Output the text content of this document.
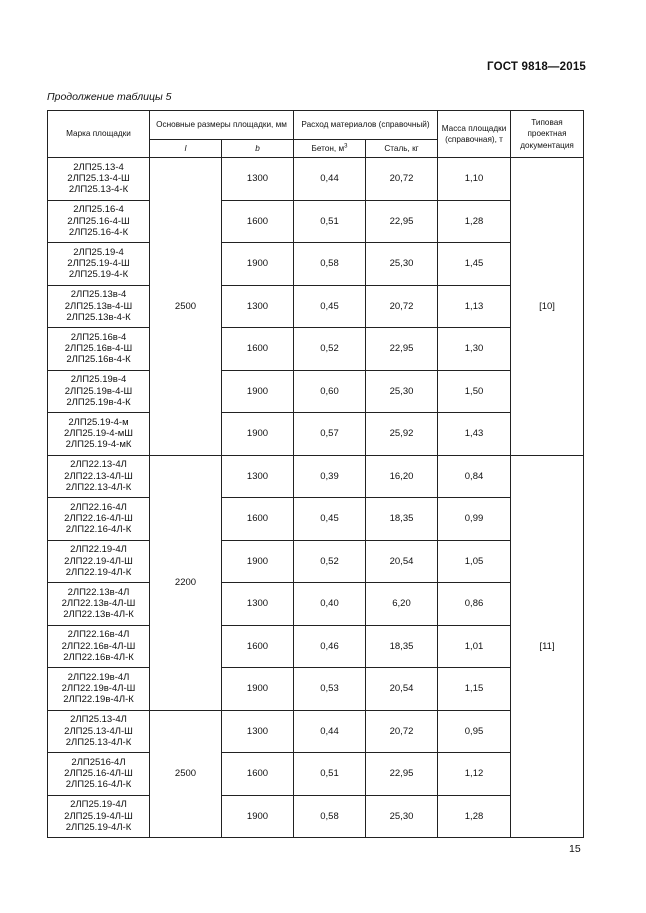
ГОСТ 9818—2015
Продолжение таблицы 5
Марка площадки	Основные размеры площадки, мм		Расход материалов (справочный)		Масса площадки (справочная), т	Типовая проектная документация
	l	b	Бетон, $м^3$	Сталь, кг		

2ЛП25.13-4
2ЛП25.13-4-Ш
2ЛП25.13-4-К	2500	1300	0,44	20,72	1,10	[10]

2ЛП25.16-4
2ЛП25.16-4-Ш
2ЛП25.16-4-К		1600	0,51	22,95	1,28	

2ЛП25.19-4
2ЛП25.19-4-Ш
2ЛП25.19-4-К		1900	0,58	25,30	1,45	

2ЛП25.13в-4
2ЛП25.13в-4-Ш
2ЛП25.13в-4-К		1300	0,45	20,72	1,13	

2ЛП25.16в-4
2ЛП25.16в-4-Ш
2ЛП25.16в-4-К		1600	0,52	22,95	1,30	

2ЛП25.19в-4
2ЛП25.19в-4-Ш
2ЛП25.19в-4-К		1900	0,60	25,30	1,50	

2ЛП25.19-4-м
2ЛП25.19-4-мШ
2ЛП25.19-4-мК		1900	0,57	25,92	1,43	

2ЛП22.13-4Л
2ЛП22.13-4Л-Ш
2ЛП22.13-4Л-К	2200	1300	0,39	16,20	0,84	[11]

2ЛП22.16-4Л
2ЛП22.16-4Л-Ш
2ЛП22.16-4Л-К		1600	0,45	18,35	0,99	

2ЛП22.19-4Л
2ЛП22.19-4Л-Ш
2ЛП22.19-4Л-К		1900	0,52	20,54	1,05	

2ЛП22.13в-4Л
2ЛП22.13в-4Л-Ш
2ЛП22.13в-4Л-К		1300	0,40	6,20	0,86	

2ЛП22.16в-4Л
2ЛП22.16в-4Л-Ш
2ЛП22.16в-4Л-К		1600	0,46	18,35	1,01	

2ЛП22.19в-4Л
2ЛП22.19в-4Л-Ш
2ЛП22.19в-4Л-К		1900	0,53	20,54	1,15	

2ЛП25.13-4Л
2ЛП25.13-4Л-Ш
2ЛП25.13-4Л-К	2500	1300	0,44	20,72	0,95	

2ЛП2516-4Л
2ЛП25.16-4Л-Ш
2ЛП25.16-4Л-К		1600	0,51	22,95	1,12	

2ЛП25.19-4Л
2ЛП25.19-4Л-Ш
2ЛП25.19-4Л-К		1900	0,58	25,30	1,28	
15
